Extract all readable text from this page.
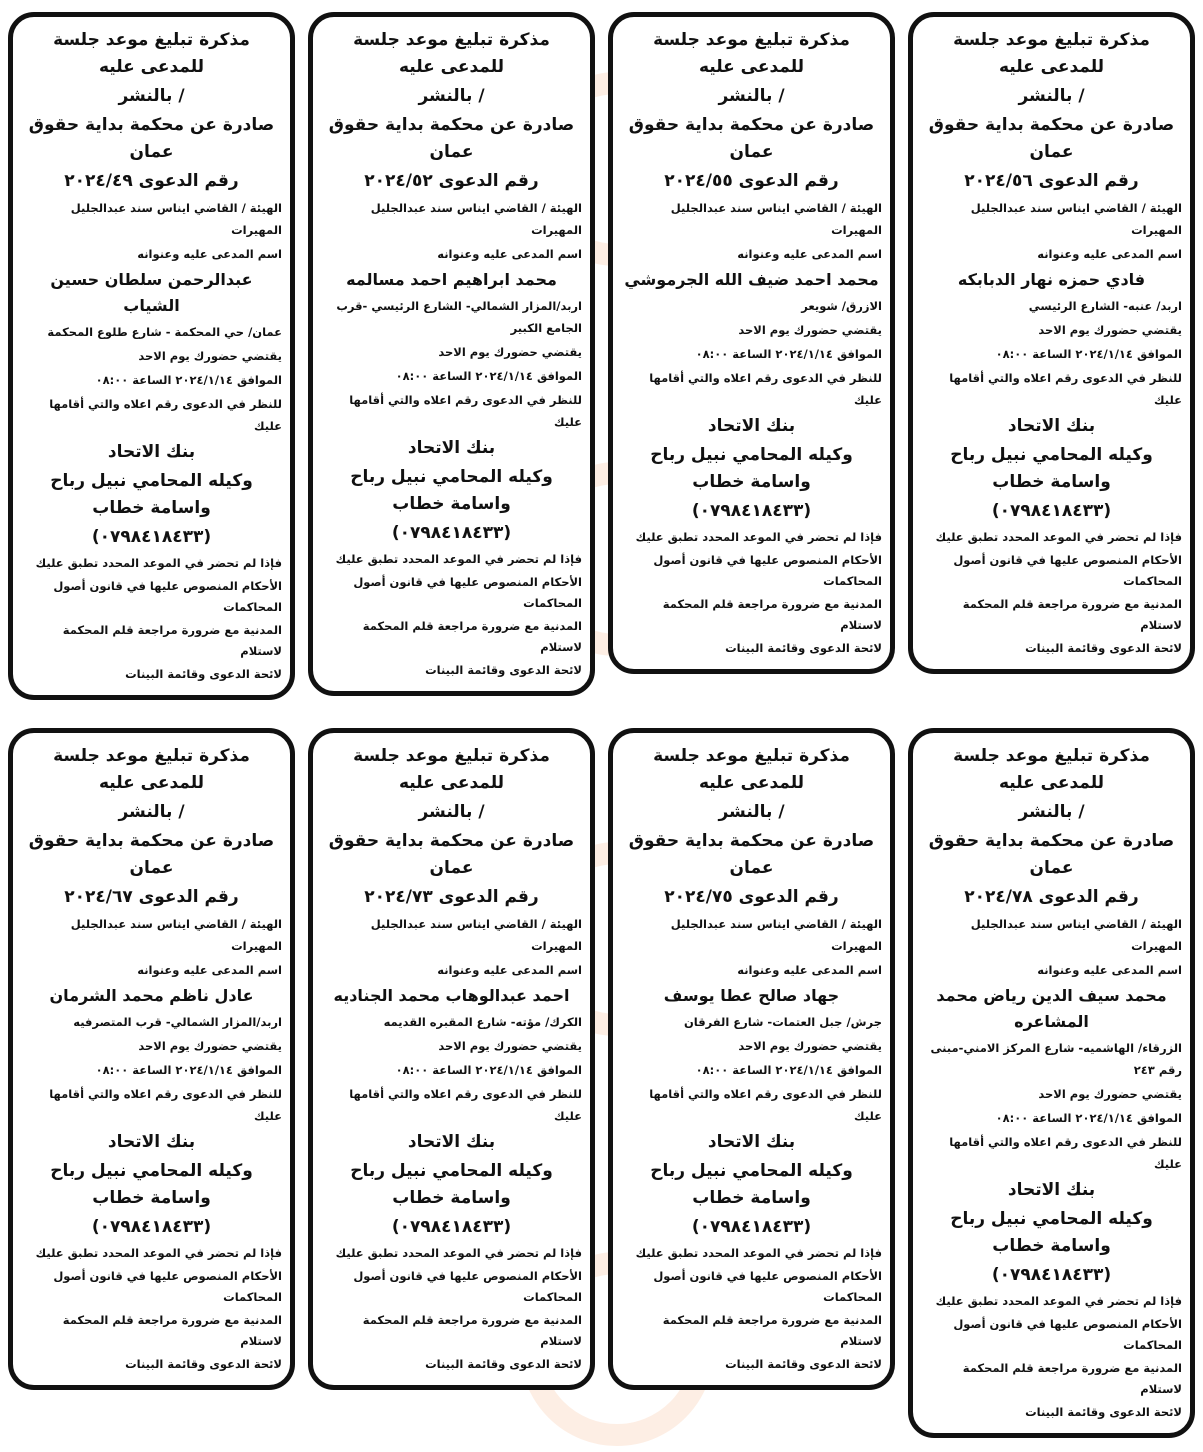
مذكرة تبليغ موعد جلسة للمدعى عليه
/ بالنشر
صادرة عن محكمة بداية حقوق عمان
رقم الدعوى ٢٠٢٤/٥٦
الهيئة / القاضي ايناس سند عبدالجليل المهيرات
اسم المدعى عليه وعنوانه
فادي حمزه نهار الدبابكه
اربد/ عنبه- الشارع الرئيسي
يقتضي حضورك يوم الاحد
الموافق ٢٠٢٤/١/١٤ الساعة ٠٨:٠٠
للنظر في الدعوى رقم اعلاه والتي أقامها عليك
بنك الاتحاد
وكيله المحامي نبيل رباح واسامة خطاب
(٠٧٩٨٤١٨٤٣٣)
فإذا لم تحضر في الموعد المحدد تطبق عليك
الأحكام المنصوص عليها في قانون أصول المحاكمات
المدنية مع ضرورة مراجعة قلم المحكمة لاستلام
لائحة الدعوى وقائمة البينات
مذكرة تبليغ موعد جلسة للمدعى عليه
/ بالنشر
صادرة عن محكمة بداية حقوق عمان
رقم الدعوى ٢٠٢٤/٥٥
الهيئة / القاضي ايناس سند عبدالجليل المهيرات
اسم المدعى عليه وعنوانه
محمد احمد ضيف الله الجرموشي
الازرق/ شويعر
يقتضي حضورك يوم الاحد
الموافق ٢٠٢٤/١/١٤ الساعة ٠٨:٠٠
للنظر في الدعوى رقم اعلاه والتي أقامها عليك
بنك الاتحاد
وكيله المحامي نبيل رباح واسامة خطاب
(٠٧٩٨٤١٨٤٣٣)
فإذا لم تحضر في الموعد المحدد تطبق عليك
الأحكام المنصوص عليها في قانون أصول المحاكمات
المدنية مع ضرورة مراجعة قلم المحكمة لاستلام
لائحة الدعوى وقائمة البينات
مذكرة تبليغ موعد جلسة للمدعى عليه
/ بالنشر
صادرة عن محكمة بداية حقوق عمان
رقم الدعوى ٢٠٢٤/٥٢
الهيئة / القاضي ايناس سند عبدالجليل المهيرات
اسم المدعى عليه وعنوانه
محمد ابراهيم احمد مسالمه
اربد/المزار الشمالي- الشارع الرئيسي -قرب الجامع الكبير
يقتضي حضورك يوم الاحد
الموافق ٢٠٢٤/١/١٤ الساعة ٠٨:٠٠
للنظر في الدعوى رقم اعلاه والتي أقامها عليك
بنك الاتحاد
وكيله المحامي نبيل رباح واسامة خطاب
(٠٧٩٨٤١٨٤٣٣)
فإذا لم تحضر في الموعد المحدد تطبق عليك
الأحكام المنصوص عليها في قانون أصول المحاكمات
المدنية مع ضرورة مراجعة قلم المحكمة لاستلام
لائحة الدعوى وقائمة البينات
مذكرة تبليغ موعد جلسة للمدعى عليه
/ بالنشر
صادرة عن محكمة بداية حقوق عمان
رقم الدعوى ٢٠٢٤/٤٩
الهيئة / القاضي ايناس سند عبدالجليل المهيرات
اسم المدعى عليه وعنوانه
عبدالرحمن سلطان حسين الشياب
عمان/ حي المحكمة - شارع طلوع المحكمة
يقتضي حضورك يوم الاحد
الموافق ٢٠٢٤/١/١٤ الساعة ٠٨:٠٠
للنظر في الدعوى رقم اعلاه والتي أقامها عليك
بنك الاتحاد
وكيله المحامي نبيل رباح واسامة خطاب
(٠٧٩٨٤١٨٤٣٣)
فإذا لم تحضر في الموعد المحدد تطبق عليك
الأحكام المنصوص عليها في قانون أصول المحاكمات
المدنية مع ضرورة مراجعة قلم المحكمة لاستلام
لائحة الدعوى وقائمة البينات
مذكرة تبليغ موعد جلسة للمدعى عليه
/ بالنشر
صادرة عن محكمة بداية حقوق عمان
رقم الدعوى ٢٠٢٤/٧٨
الهيئة / القاضي ايناس سند عبدالجليل المهيرات
اسم المدعى عليه وعنوانه
محمد سيف الدين رياض محمد المشاعره
الزرقاء/ الهاشميه- شارع المركز الامني-مبنى رقم ٢٤٣
يقتضي حضورك يوم الاحد
الموافق ٢٠٢٤/١/١٤ الساعة ٠٨:٠٠
للنظر في الدعوى رقم اعلاه والتي أقامها عليك
بنك الاتحاد
وكيله المحامي نبيل رباح واسامة خطاب
(٠٧٩٨٤١٨٤٣٣)
فإذا لم تحضر في الموعد المحدد تطبق عليك
الأحكام المنصوص عليها في قانون أصول المحاكمات
المدنية مع ضرورة مراجعة قلم المحكمة لاستلام
لائحة الدعوى وقائمة البينات
مذكرة تبليغ موعد جلسة للمدعى عليه
/ بالنشر
صادرة عن محكمة بداية حقوق عمان
رقم الدعوى ٢٠٢٤/٧٥
الهيئة / القاضي ايناس سند عبدالجليل المهيرات
اسم المدعى عليه وعنوانه
جهاد صالح عطا يوسف
جرش/ جبل العتمات- شارع الفرقان
يقتضي حضورك يوم الاحد
الموافق ٢٠٢٤/١/١٤ الساعة ٠٨:٠٠
للنظر في الدعوى رقم اعلاه والتي أقامها عليك
بنك الاتحاد
وكيله المحامي نبيل رباح واسامة خطاب
(٠٧٩٨٤١٨٤٣٣)
فإذا لم تحضر في الموعد المحدد تطبق عليك
الأحكام المنصوص عليها في قانون أصول المحاكمات
المدنية مع ضرورة مراجعة قلم المحكمة لاستلام
لائحة الدعوى وقائمة البينات
مذكرة تبليغ موعد جلسة للمدعى عليه
/ بالنشر
صادرة عن محكمة بداية حقوق عمان
رقم الدعوى ٢٠٢٤/٧٣
الهيئة / القاضي ايناس سند عبدالجليل المهيرات
اسم المدعى عليه وعنوانه
احمد عبدالوهاب محمد الجناديه
الكرك/ مؤته- شارع المقبره القديمه
يقتضي حضورك يوم الاحد
الموافق ٢٠٢٤/١/١٤ الساعة ٠٨:٠٠
للنظر في الدعوى رقم اعلاه والتي أقامها عليك
بنك الاتحاد
وكيله المحامي نبيل رباح واسامة خطاب
(٠٧٩٨٤١٨٤٣٣)
فإذا لم تحضر في الموعد المحدد تطبق عليك
الأحكام المنصوص عليها في قانون أصول المحاكمات
المدنية مع ضرورة مراجعة قلم المحكمة لاستلام
لائحة الدعوى وقائمة البينات
مذكرة تبليغ موعد جلسة للمدعى عليه
/ بالنشر
صادرة عن محكمة بداية حقوق عمان
رقم الدعوى ٢٠٢٤/٦٧
الهيئة / القاضي ايناس سند عبدالجليل المهيرات
اسم المدعى عليه وعنوانه
عادل ناظم محمد الشرمان
اربد/المزار الشمالي- قرب المتصرفيه
يقتضي حضورك يوم الاحد
الموافق ٢٠٢٤/١/١٤ الساعة ٠٨:٠٠
للنظر في الدعوى رقم اعلاه والتي أقامها عليك
بنك الاتحاد
وكيله المحامي نبيل رباح واسامة خطاب
(٠٧٩٨٤١٨٤٣٣)
فإذا لم تحضر في الموعد المحدد تطبق عليك
الأحكام المنصوص عليها في قانون أصول المحاكمات
المدنية مع ضرورة مراجعة قلم المحكمة لاستلام
لائحة الدعوى وقائمة البينات
